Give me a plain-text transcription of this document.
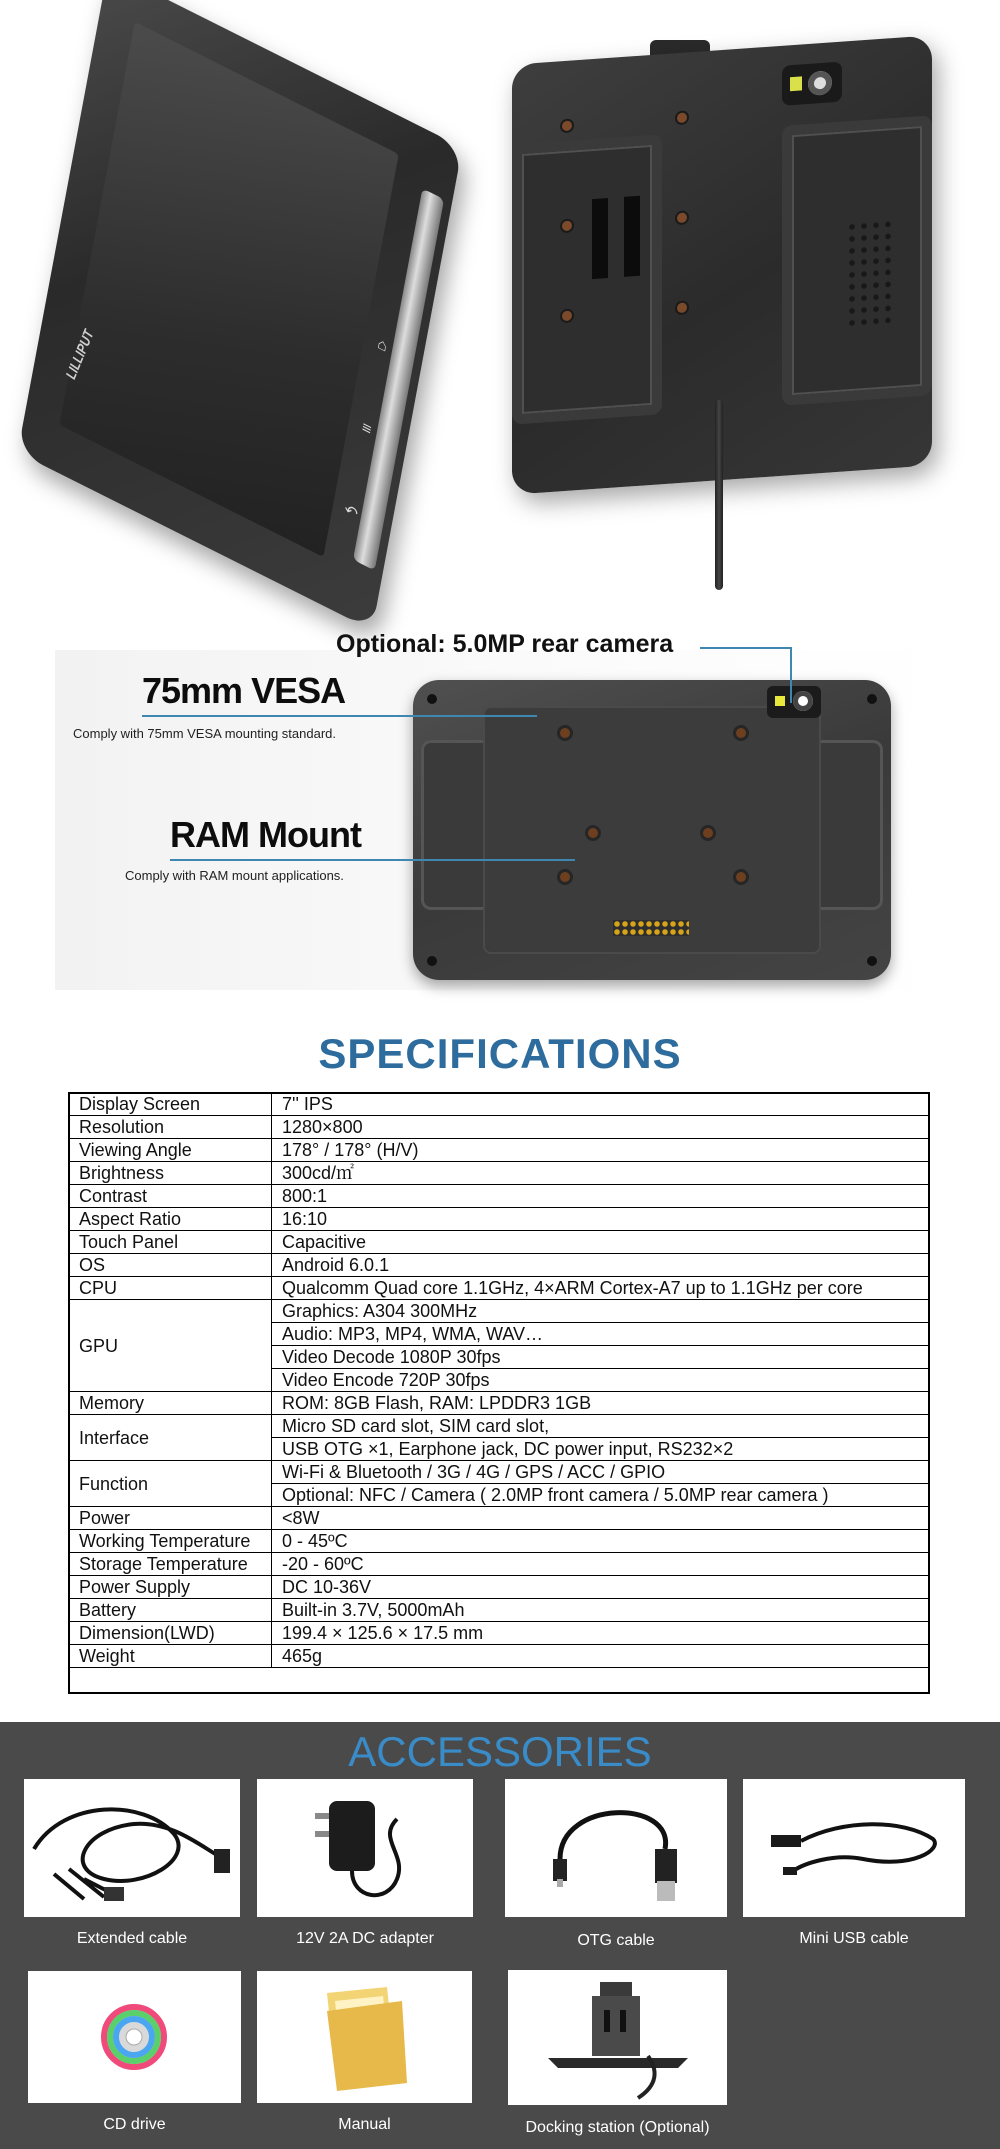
⌂
≡
↶
LILLIPUT
Optional: 5.0MP rear camera
75mm VESA
Comply with 75mm VESA mounting standard.
RAM Mount
Comply with RAM mount applications.
SPECIFICATIONS
Display Screen	7'' IPS
Resolution	1280×800
Viewing Angle	178° / 178° (H/V)
Brightness	300cd/㎡
Contrast	800:1
Aspect Ratio	16:10
Touch Panel	Capacitive
OS	Android 6.0.1
CPU	Qualcomm Quad core 1.1GHz, 4×ARM Cortex-A7 up to 1.1GHz per core
GPU	Graphics: A304 300MHz
	Audio: MP3, MP4, WMA, WAV…
	Video Decode 1080P 30fps
	Video Encode 720P 30fps
Memory	ROM: 8GB Flash, RAM: LPDDR3 1GB
Interface	Micro SD card slot, SIM card slot,
	USB OTG ×1, Earphone jack, DC power input, RS232×2
Function	Wi-Fi & Bluetooth / 3G / 4G / GPS / ACC / GPIO
	Optional: NFC / Camera ( 2.0MP front camera / 5.0MP rear camera )
Power	<8W
Working Temperature	0 - 45ºC
Storage Temperature	-20 - 60ºC
Power Supply	DC 10-36V
Battery	Built-in 3.7V, 5000mAh
Dimension(LWD)	199.4 × 125.6 × 17.5 mm
Weight	465g
ACCESSORIES
Extended cable	12V 2A DC adapter	OTG cable	Mini USB cable
CD drive	Manual	Docking station (Optional)
